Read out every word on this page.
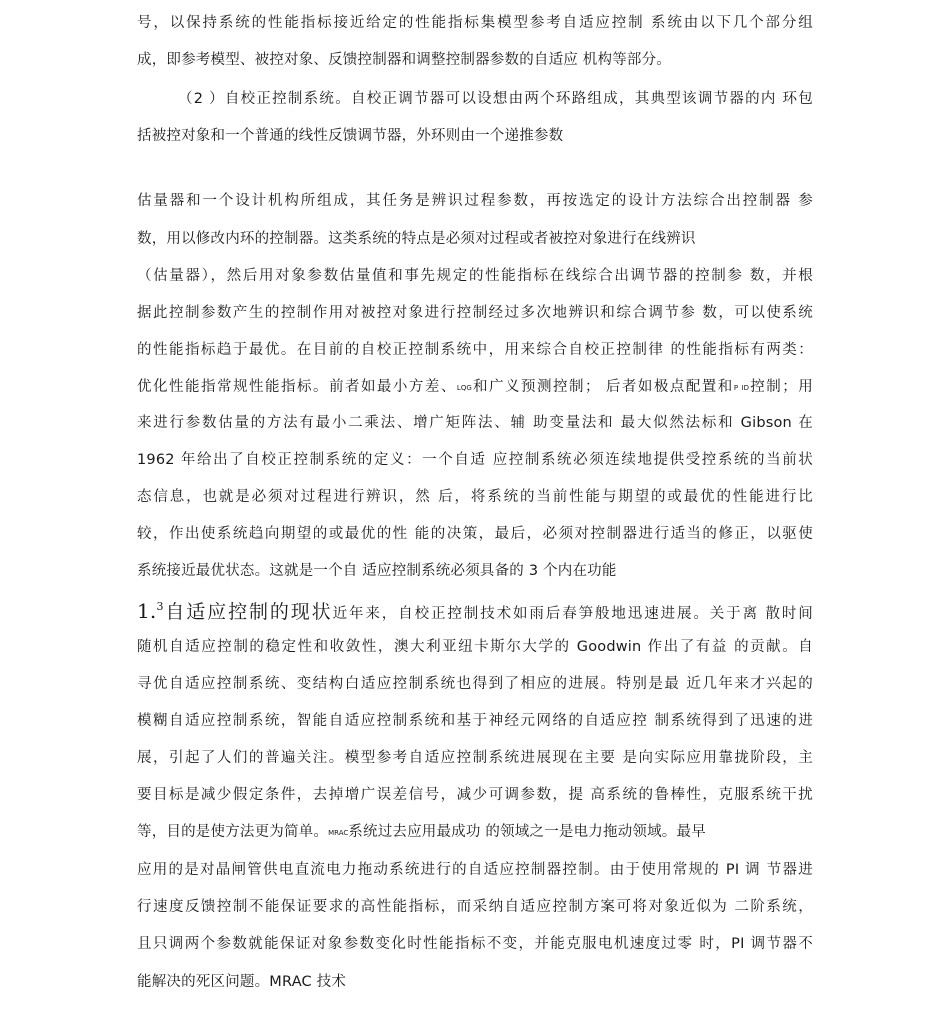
号，以保持系统的性能指标接近给定的性能指标集模型参考自适应控制 系统由以下几个部分组
成，即参考模型、被控对象、反馈控制器和调整控制器参数的自适应 机构等部分。
（2 ）自校正控制系统。自校正调节器可以设想由两个环路组成，其典型该调节器的内 环包
括被控对象和一个普通的线性反馈调节器，外环则由一个递推参数
估量器和一个设计机构所组成，其任务是辨识过程参数，再按选定的设计方法综合出控制器 参
数，用以修改内环的控制器。这类系统的特点是必须对过程或者被控对象进行在线辨识
（估量器），然后用对象参数估量值和事先规定的性能指标在线综合出调节器的控制参 数，并根
据此控制参数产生的控制作用对被控对象进行控制经过多次地辨识和综合调节参 数，可以使系统
的性能指标趋于最优。在目前的自校正控制系统中，用来综合自校正控制律 的性能指标有两类：
优化性能指常规性能指标。前者如最小方差、$^{LQG}$和广义预测控制； 后者如极点配置和$^{P ID}$控制；用
来进行参数估量的方法有最小二乘法、增广矩阵法、辅 助变量法和 最大似然法标和 Gibson 在
1962 年给出了自校正控制系统的定义：一个自适 应控制系统必须连续地提供受控系统的当前状
态信息，也就是必须对过程进行辨识，然 后，将系统的当前性能与期望的或最优的性能进行比
较，作出使系统趋向期望的或最优的性 能的决策，最后，必须对控制器进行适当的修正，以驱使
系统接近最优状态。这就是一个自 适应控制系统必须具备的 3 个内在功能
1.$^3$自适应控制的现状近年来，自校正控制技术如雨后春笋般地迅速进展。关于离 散时间
随机自适应控制的稳定性和收敛性，澳大利亚纽卡斯尔大学的 Goodwin 作出了有益 的贡献。自
寻优自适应控制系统、变结构白适应控制系统也得到了相应的进展。特别是最 近几年来才兴起的
模糊自适应控制系统，智能自适应控制系统和基于神经元网络的自适应控 制系统得到了迅速的进
展，引起了人们的普遍关注。模型参考自适应控制系统进展现在主要 是向实际应用靠拢阶段，主
要目标是减少假定条件，去掉增广误差信号，减少可调参数，提 高系统的鲁棒性，克服系统干扰
等，目的是使方法更为简单。$^{MRAC}$系统过去应用最成功 的领域之一是电力拖动领域。最早
应用的是对晶闸管供电直流电力拖动系统进行的自适应控制器控制。由于使用常规的 PI 调 节器进
行速度反馈控制不能保证要求的高性能指标，而采纳自适应控制方案可将对象近似为 二阶系统，
且只调两个参数就能保证对象参数变化时性能指标不变，并能克服电机速度过零 时，PI 调节器不
能解决的死区问题。MRAC 技术
